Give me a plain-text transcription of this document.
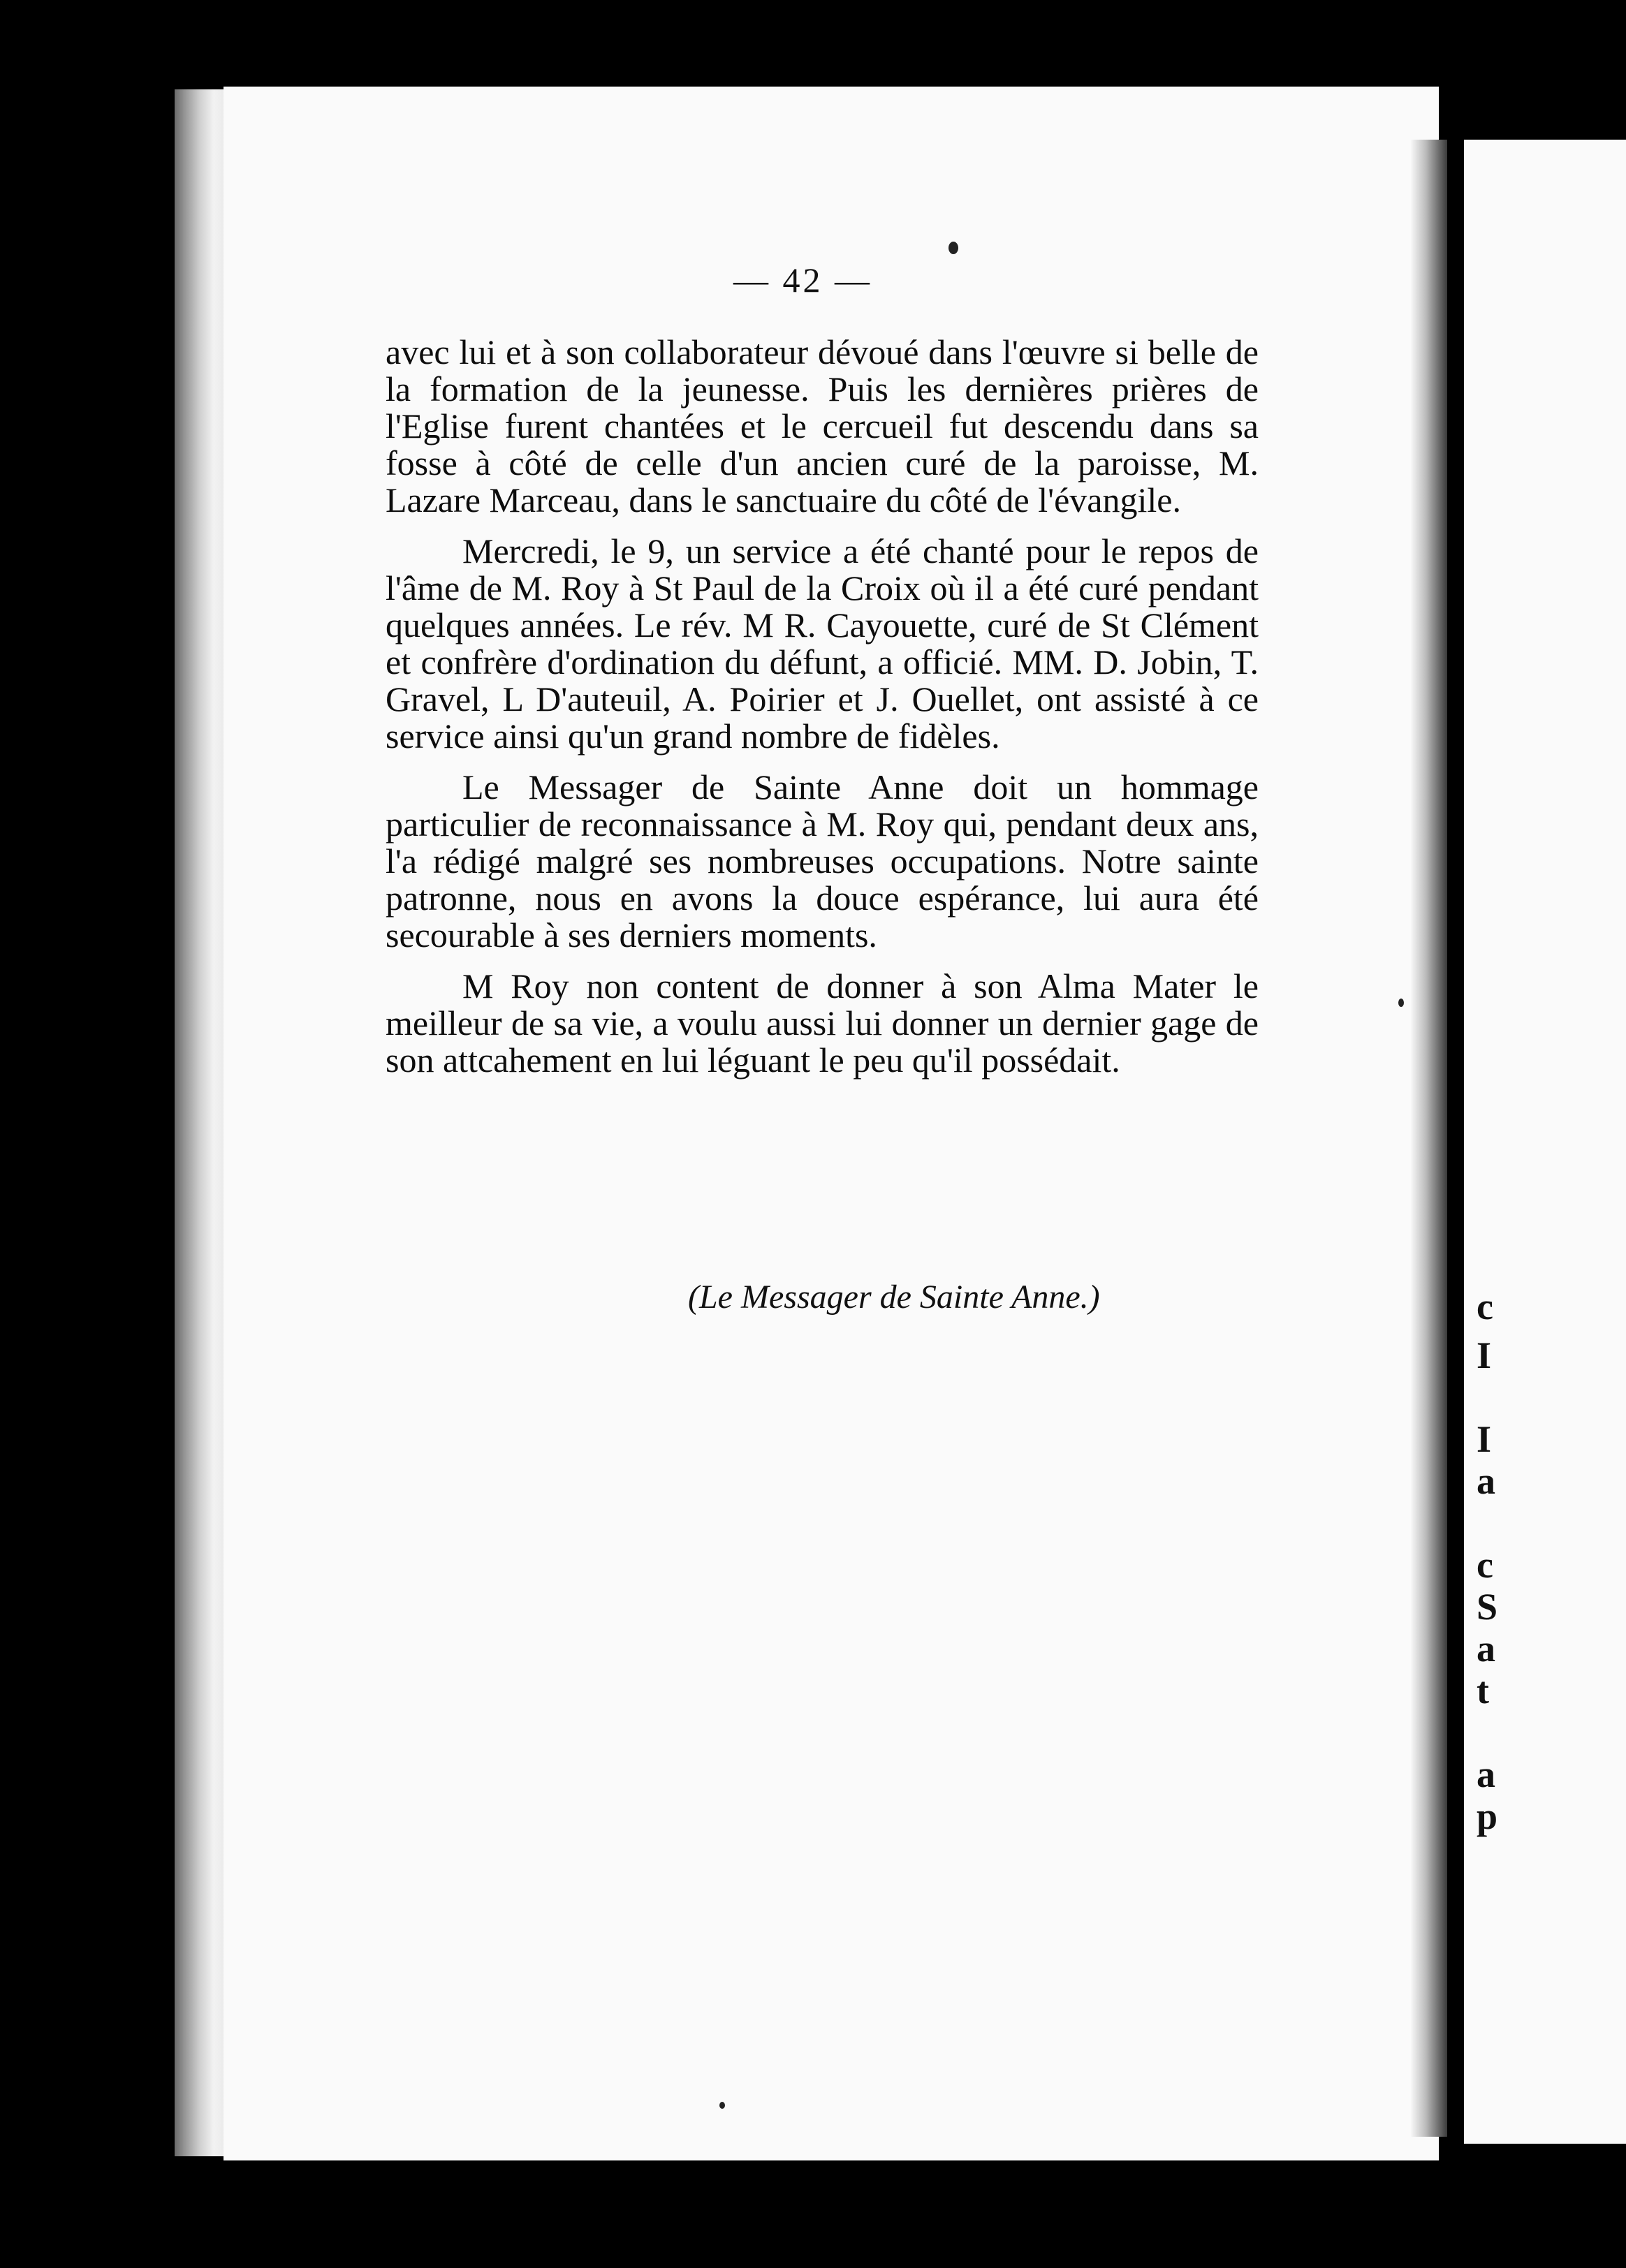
c
I
I
a
c
S
a
t
a
p
— 42 —

avec lui et à son collaborateur dévoué dans l'œuvre si belle de la formation de la jeunesse. Puis les dernières prières de l'Eglise furent chantées et le cercueil fut descendu dans sa fosse à côté de celle d'un ancien curé de la paroisse, M. Lazare Marceau, dans le sanctuaire du côté de l'évangile.

Mercredi, le 9, un service a été chanté pour le repos de l'âme de M. Roy à St Paul de la Croix où il a été curé pendant quelques années. Le rév. M R. Cayouette, curé de St Clément et confrère d'ordination du défunt, a officié. MM. D. Jobin, T. Gravel, L D'auteuil, A. Poirier et J. Ouellet, ont assisté à ce service ainsi qu'un grand nombre de fidèles.

Le Messager de Sainte Anne doit un hommage particulier de reconnaissance à M. Roy qui, pendant deux ans, l'a rédigé malgré ses nombreuses occupations. Notre sainte patronne, nous en avons la douce espérance, lui aura été secourable à ses derniers moments.

M Roy non content de donner à son Alma Mater le meilleur de sa vie, a voulu aussi lui donner un dernier gage de son attcahement en lui léguant le peu qu'il possédait.

(Le Messager de Sainte Anne.)
